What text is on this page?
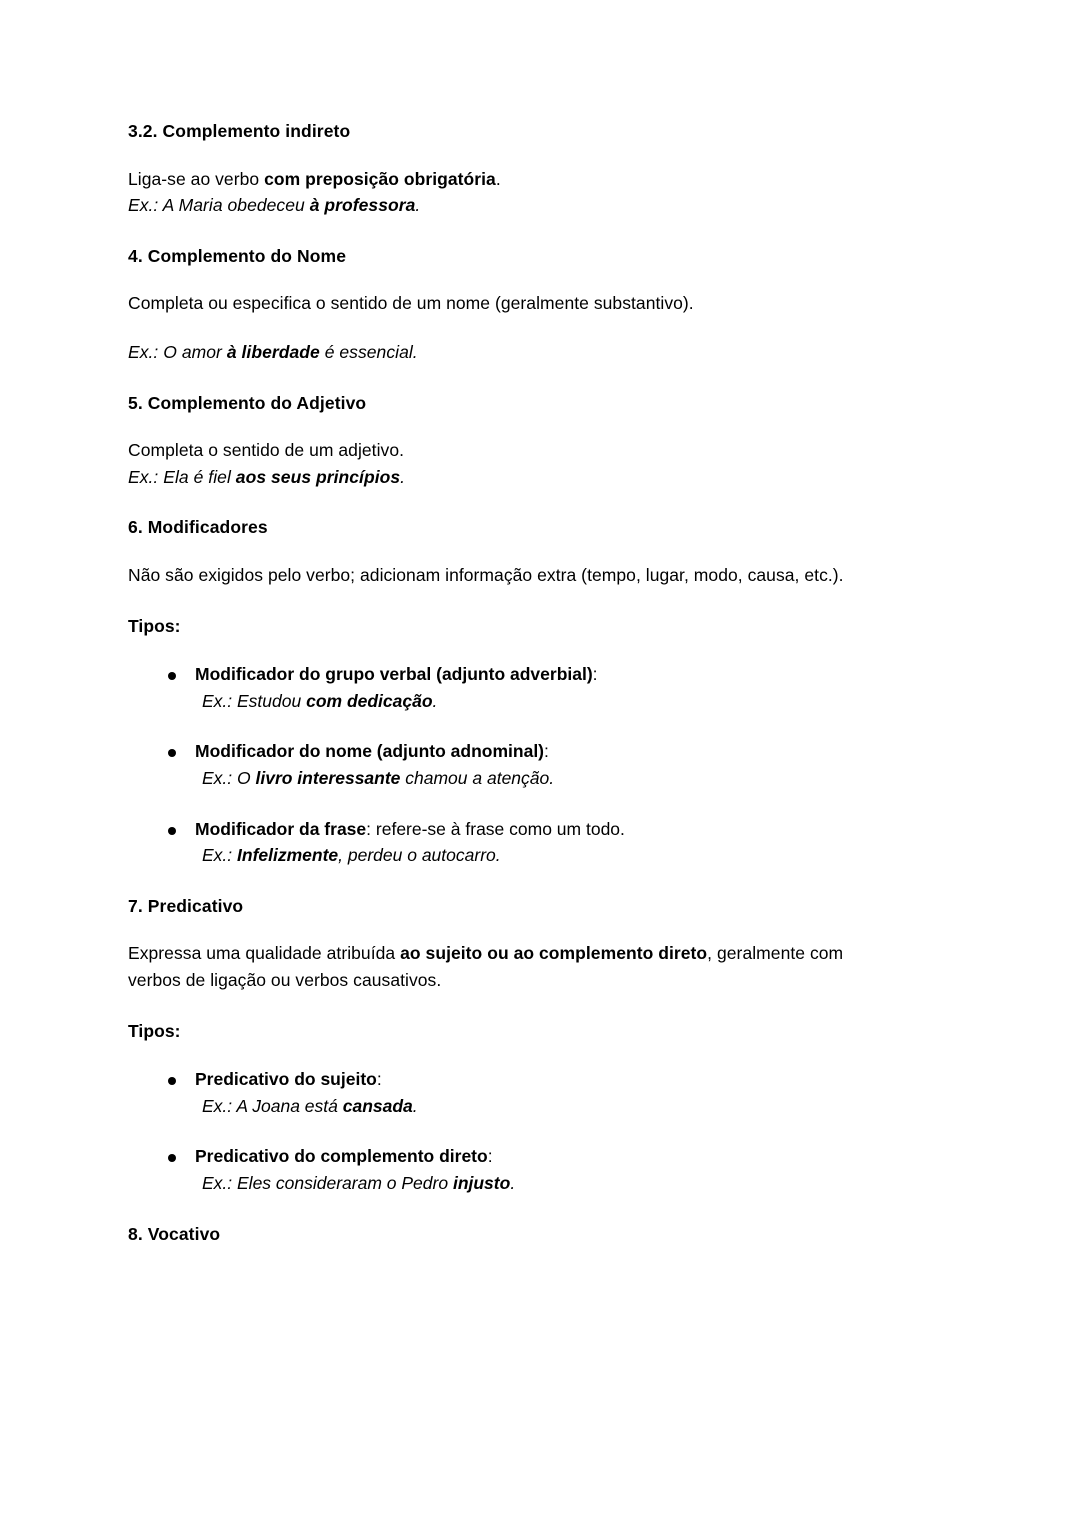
3.2. Complemento indireto

Liga-se ao verbo com preposição obrigatória.
Ex.: A Maria obedeceu à professora.

4. Complemento do Nome

Completa ou especifica o sentido de um nome (geralmente substantivo).

Ex.: O amor à liberdade é essencial.

5. Complemento do Adjetivo

Completa o sentido de um adjetivo.
Ex.: Ela é fiel aos seus princípios.

6. Modificadores

Não são exigidos pelo verbo; adicionam informação extra (tempo, lugar, modo, causa, etc.).

Tipos:

Modificador do grupo verbal (adjunto adverbial):
Ex.: Estudou com dedicação.
Modificador do nome (adjunto adnominal):
Ex.: O livro interessante chamou a atenção.
Modificador da frase: refere-se à frase como um todo.
Ex.: Infelizmente, perdeu o autocarro.
7. Predicativo

Expressa uma qualidade atribuída ao sujeito ou ao complemento direto, geralmente com verbos de ligação ou verbos causativos.

Tipos:

Predicativo do sujeito:
Ex.: A Joana está cansada.
Predicativo do complemento direto:
Ex.: Eles consideraram o Pedro injusto.
8. Vocativo
